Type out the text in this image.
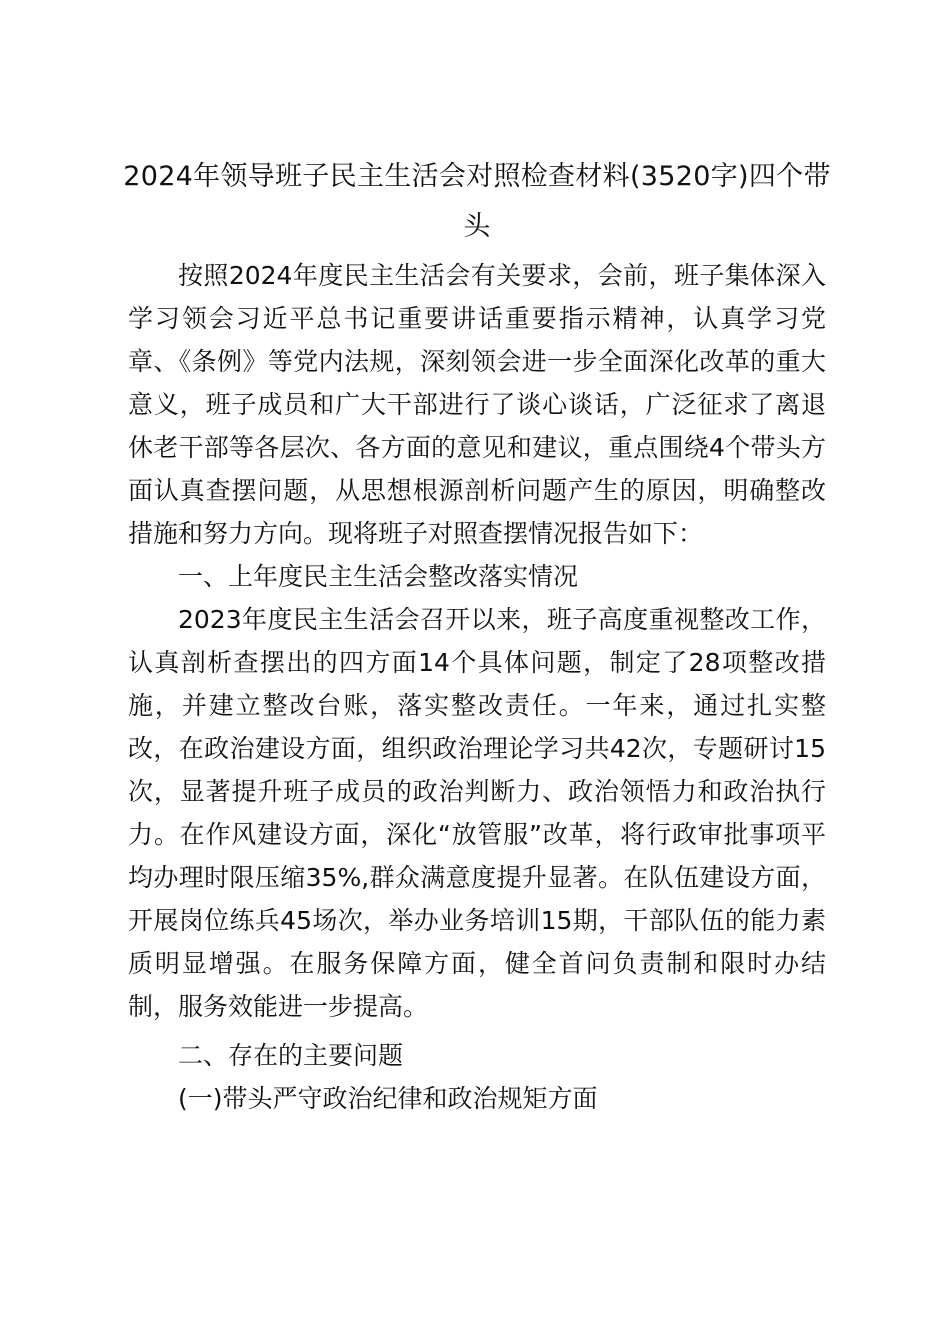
2024年领导班子民主生活会对照检查材料(3520字)四个带头

按照2024年度民主生活会有关要求，会前，班子集体深入学习领会习近平总书记重要讲话重要指示精神，认真学习党章、《条例》等党内法规，深刻领会进一步全面深化改革的重大意义，班子成员和广大干部进行了谈心谈话，广泛征求了离退休老干部等各层次、各方面的意见和建议，重点围绕4个带头方面认真查摆问题，从思想根源剖析问题产生的原因，明确整改措施和努力方向。现将班子对照查摆情况报告如下：

一、上年度民主生活会整改落实情况

2023年度民主生活会召开以来，班子高度重视整改工作，认真剖析查摆出的四方面14个具体问题，制定了28项整改措施，并建立整改台账，落实整改责任。一年来，通过扎实整改，在政治建设方面，组织政治理论学习共42次，专题研讨15次，显著提升班子成员的政治判断力、政治领悟力和政治执行力。在作风建设方面，深化“放管服”改革，将行政审批事项平均办理时限压缩35%,群众满意度提升显著。在队伍建设方面，开展岗位练兵45场次，举办业务培训15期，干部队伍的能力素质明显增强。在服务保障方面，健全首问负责制和限时办结制，服务效能进一步提高。

二、存在的主要问题

(一)带头严守政治纪律和政治规矩方面
